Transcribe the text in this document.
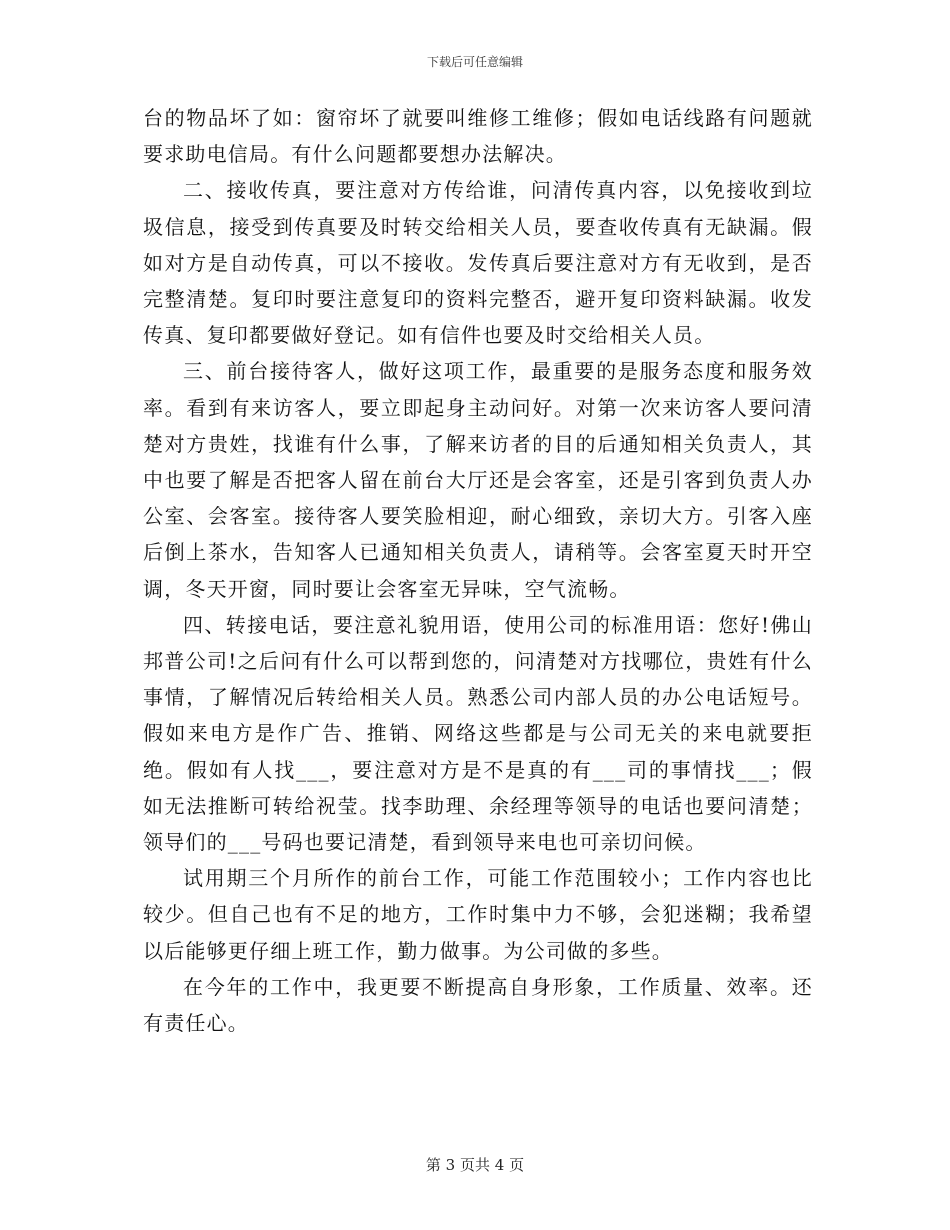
下载后可任意编辑

台的物品坏了如：窗帘坏了就要叫维修工维修；假如电话线路有问题就要求助电信局。有什么问题都要想办法解决。

二、接收传真，要注意对方传给谁，问清传真内容，以免接收到垃圾信息，接受到传真要及时转交给相关人员，要查收传真有无缺漏。假如对方是自动传真，可以不接收。发传真后要注意对方有无收到，是否完整清楚。复印时要注意复印的资料完整否，避开复印资料缺漏。收发传真、复印都要做好登记。如有信件也要及时交给相关人员。

三、前台接待客人，做好这项工作，最重要的是服务态度和服务效率。看到有来访客人，要立即起身主动问好。对第一次来访客人要问清楚对方贵姓，找谁有什么事，了解来访者的目的后通知相关负责人，其中也要了解是否把客人留在前台大厅还是会客室，还是引客到负责人办公室、会客室。接待客人要笑脸相迎，耐心细致，亲切大方。引客入座后倒上茶水，告知客人已通知相关负责人，请稍等。会客室夏天时开空调，冬天开窗，同时要让会客室无异味，空气流畅。

四、转接电话，要注意礼貌用语，使用公司的标准用语：您好!佛山邦普公司!之后问有什么可以帮到您的，问清楚对方找哪位，贵姓有什么事情，了解情况后转给相关人员。熟悉公司内部人员的办公电话短号。假如来电方是作广告、推销、网络这些都是与公司无关的来电就要拒绝。假如有人找___，要注意对方是不是真的有___司的事情找___；假如无法推断可转给祝莹。找李助理、余经理等领导的电话也要问清楚；领导们的___号码也要记清楚，看到领导来电也可亲切问候。

试用期三个月所作的前台工作，可能工作范围较小；工作内容也比较少。但自己也有不足的地方，工作时集中力不够，会犯迷糊；我希望以后能够更仔细上班工作，勤力做事。为公司做的多些。

在今年的工作中，我更要不断提高自身形象，工作质量、效率。还有责任心。

第 3 页共 4 页
